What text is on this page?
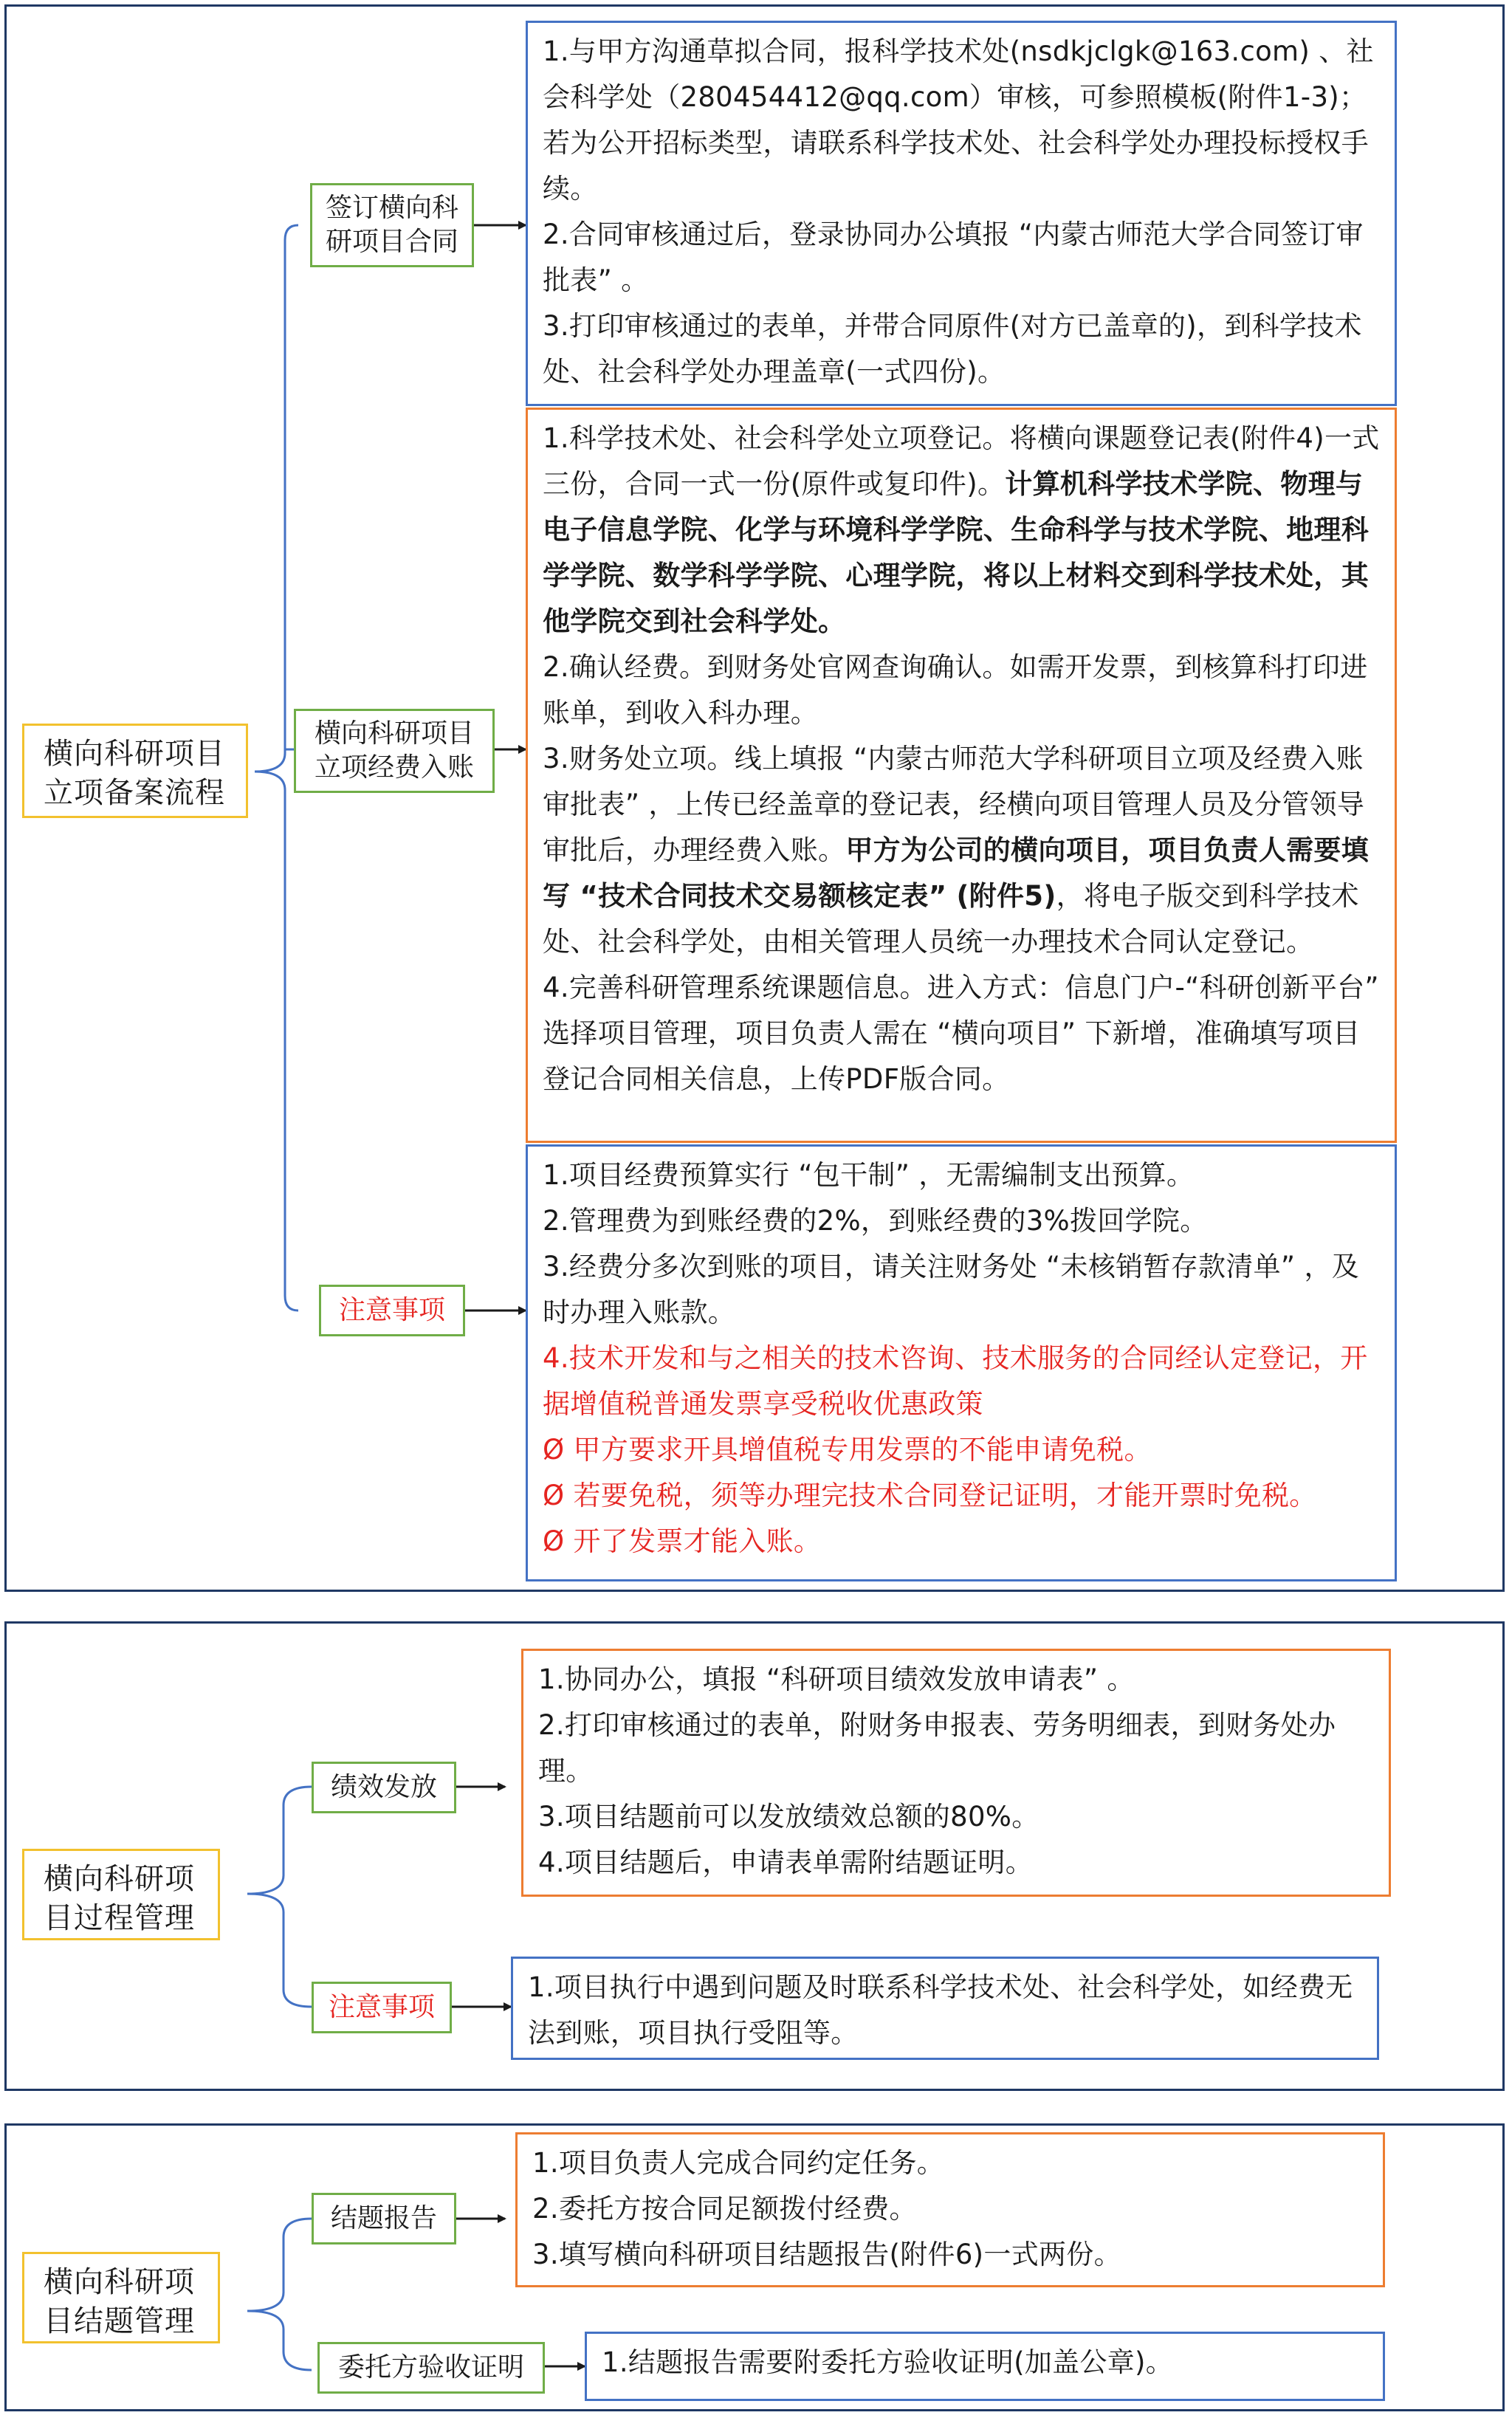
横向科研项目
立项备案流程
签订横向科
研项目合同
横向科研项目
立项经费入账
注意事项

1.与甲方沟通草拟合同，报科学技术处(nsdkjclgk@163.com) 、社会科学处（280454412@qq.com）审核，可参照模板(附件1-3)；若为公开招标类型，请联系科学技术处、社会科学处办理投标授权手续。

2.合同审核通过后，登录协同办公填报 “内蒙古师范大学合同签订审批表” 。

3.打印审核通过的表单，并带合同原件(对方已盖章的)，到科学技术处、社会科学处办理盖章(一式四份)。

1.科学技术处、社会科学处立项登记。将横向课题登记表(附件4)一式三份，合同一式一份(原件或复印件)。计算机科学技术学院、物理与电子信息学院、化学与环境科学学院、生命科学与技术学院、地理科学学院、数学科学学院、心理学院，将以上材料交到科学技术处，其他学院交到社会科学处。

2.确认经费。到财务处官网查询确认。如需开发票，到核算科打印进账单，到收入科办理。

3.财务处立项。线上填报 “内蒙古师范大学科研项目立项及经费入账审批表” ，上传已经盖章的登记表，经横向项目管理人员及分管领导审批后，办理经费入账。甲方为公司的横向项目，项目负责人需要填写 “技术合同技术交易额核定表” (附件5)，将电子版交到科学技术处、社会科学处，由相关管理人员统一办理技术合同认定登记。

4.完善科研管理系统课题信息。进入方式：信息门户-“科研创新平台” 选择项目管理，项目负责人需在 “横向项目” 下新增，准确填写项目登记合同相关信息，上传PDF版合同。

1.项目经费预算实行 “包干制” ，无需编制支出预算。

2.管理费为到账经费的2%，到账经费的3%拨回学院。

3.经费分多次到账的项目，请关注财务处 “未核销暂存款清单” ，及时办理入账款。

4.技术开发和与之相关的技术咨询、技术服务的合同经认定登记，开据增值税普通发票享受税收优惠政策

Ø 甲方要求开具增值税专用发票的不能申请免税。

Ø 若要免税，须等办理完技术合同登记证明，才能开票时免税。

Ø 开了发票才能入账。

横向科研项
目过程管理
绩效发放
注意事项

1.协同办公，填报 “科研项目绩效发放申请表” 。

2.打印审核通过的表单，附财务申报表、劳务明细表，到财务处办理。

3.项目结题前可以发放绩效总额的80%。

4.项目结题后，申请表单需附结题证明。

1.项目执行中遇到问题及时联系科学技术处、社会科学处，如经费无法到账，项目执行受阻等。

横向科研项
目结题管理
结题报告
委托方验收证明

1.项目负责人完成合同约定任务。

2.委托方按合同足额拨付经费。

3.填写横向科研项目结题报告(附件6)一式两份。

1.结题报告需要附委托方验收证明(加盖公章)。
